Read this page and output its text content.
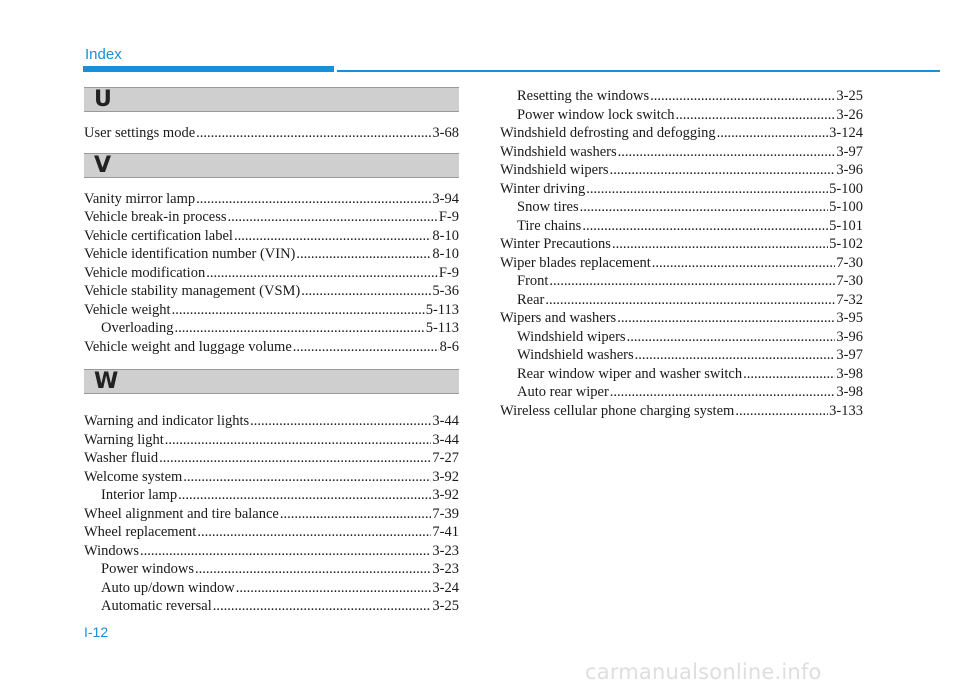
Index
U
User settings mode .....	3-68
V
Vanity mirror lamp .....	3-94
Vehicle break-in process .....	F-9
Vehicle certification label .....	8-10
Vehicle identification number (VIN) .....	8-10
Vehicle modification .....	F-9
Vehicle stability management (VSM) .....	5-36
Vehicle weight .....	5-113
Overloading .....	5-113
Vehicle weight and luggage volume .....	8-6
W
Warning and indicator lights .....	3-44
Warning light .....	3-44
Washer fluid .....	7-27
Welcome system .....	3-92
Interior lamp .....	3-92
Wheel alignment and tire balance .....	7-39
Wheel replacement .....	7-41
Windows .....	3-23
Power windows .....	3-23
Auto up/down window .....	3-24
Automatic reversal .....	3-25
Resetting the windows .....	3-25
Power window lock switch .....	3-26
Windshield defrosting and defogging .....	3-124
Windshield washers .....	3-97
Windshield wipers .....	3-96
Winter driving .....	5-100
Snow tires .....	5-100
Tire chains .....	5-101
Winter Precautions .....	5-102
Wiper blades replacement .....	7-30
Front .....	7-30
Rear .....	7-32
Wipers and washers .....	3-95
Windshield wipers .....	3-96
Windshield washers .....	3-97
Rear window wiper and washer switch .....	3-98
Auto rear wiper .....	3-98
Wireless cellular phone charging system .....	3-133
I-12
carmanualsonline.info
